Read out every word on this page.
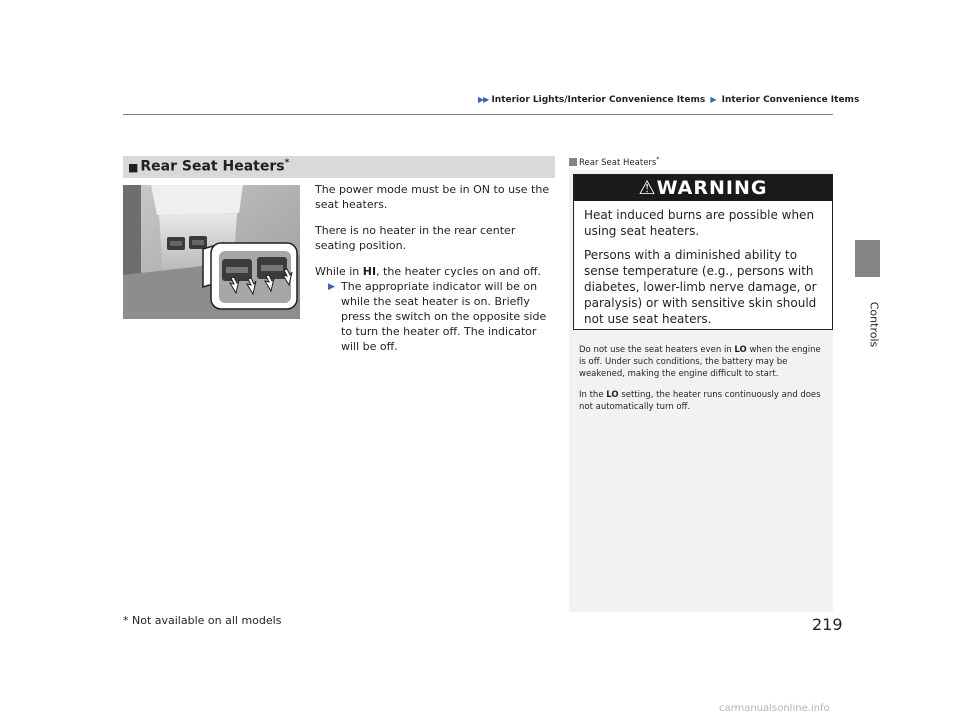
▶▶ Interior Lights/Interior Convenience Items ▶ Interior Convenience Items
Controls
■ Rear Seat Heaters*

The power mode must be in ON to use the seat heaters.

There is no heater in the rear center seating position.

While in HI, the heater cycles on and off.

▶ The appropriate indicator will be on while the seat heater is on. Briefly press the switch on the opposite side to turn the heater off. The indicator will be off.
Rear Seat Heaters*
⚠WARNING

Heat induced burns are possible when using seat heaters.

Persons with a diminished ability to sense temperature (e.g., persons with diabetes, lower-limb nerve damage, or paralysis) or with sensitive skin should not use seat heaters.

Do not use the seat heaters even in LO when the engine is off. Under such conditions, the battery may be weakened, making the engine difficult to start.

In the LO setting, the heater runs continuously and does not automatically turn off.

* Not available on all models	219
carmanualsonline.info
